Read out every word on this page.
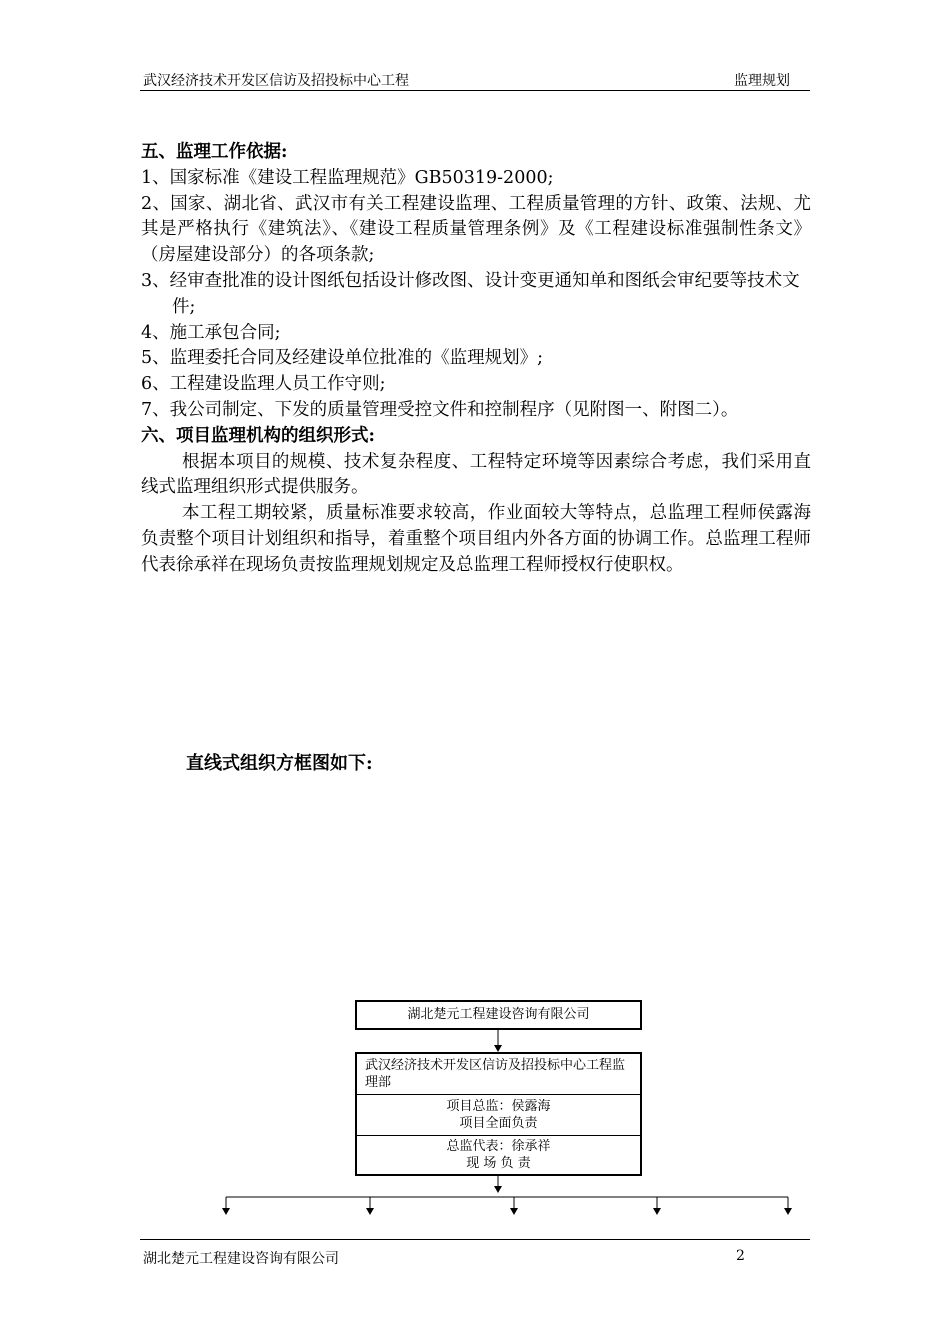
武汉经济技术开发区信访及招投标中心工程	监理规划

五、监理工作依据:

1、国家标准《建设工程监理规范》GB50319-2000;

2、国家、湖北省、武汉市有关工程建设监理、工程质量管理的方针、政策、法规、尤其是严格执行《建筑法》、《建设工程质量管理条例》及《工程建设标准强制性条文》（房屋建设部分）的各项条款;

3、经审查批准的设计图纸包括设计修改图、设计变更通知单和图纸会审纪要等技术文件;

4、施工承包合同;

5、监理委托合同及经建设单位批准的《监理规划》;

6、工程建设监理人员工作守则;

7、我公司制定、下发的质量管理受控文件和控制程序（见附图一、附图二）。

六、项目监理机构的组织形式:

根据本项目的规模、技术复杂程度、工程特定环境等因素综合考虑，我们采用直线式监理组织形式提供服务。

本工程工期较紧，质量标准要求较高，作业面较大等特点，总监理工程师侯露海负责整个项目计划组织和指导，着重整个项目组内外各方面的协调工作。总监理工程师代表徐承祥在现场负责按监理规划规定及总监理工程师授权行使职权。

直线式组织方框图如下:
湖北楚元工程建设咨询有限公司
武汉经济技术开发区信访及招投标中心工程监理部
项目总监：侯露海
项目全面负责
总监代表：徐承祥
现 场 负 责
湖北楚元工程建设咨询有限公司	2
